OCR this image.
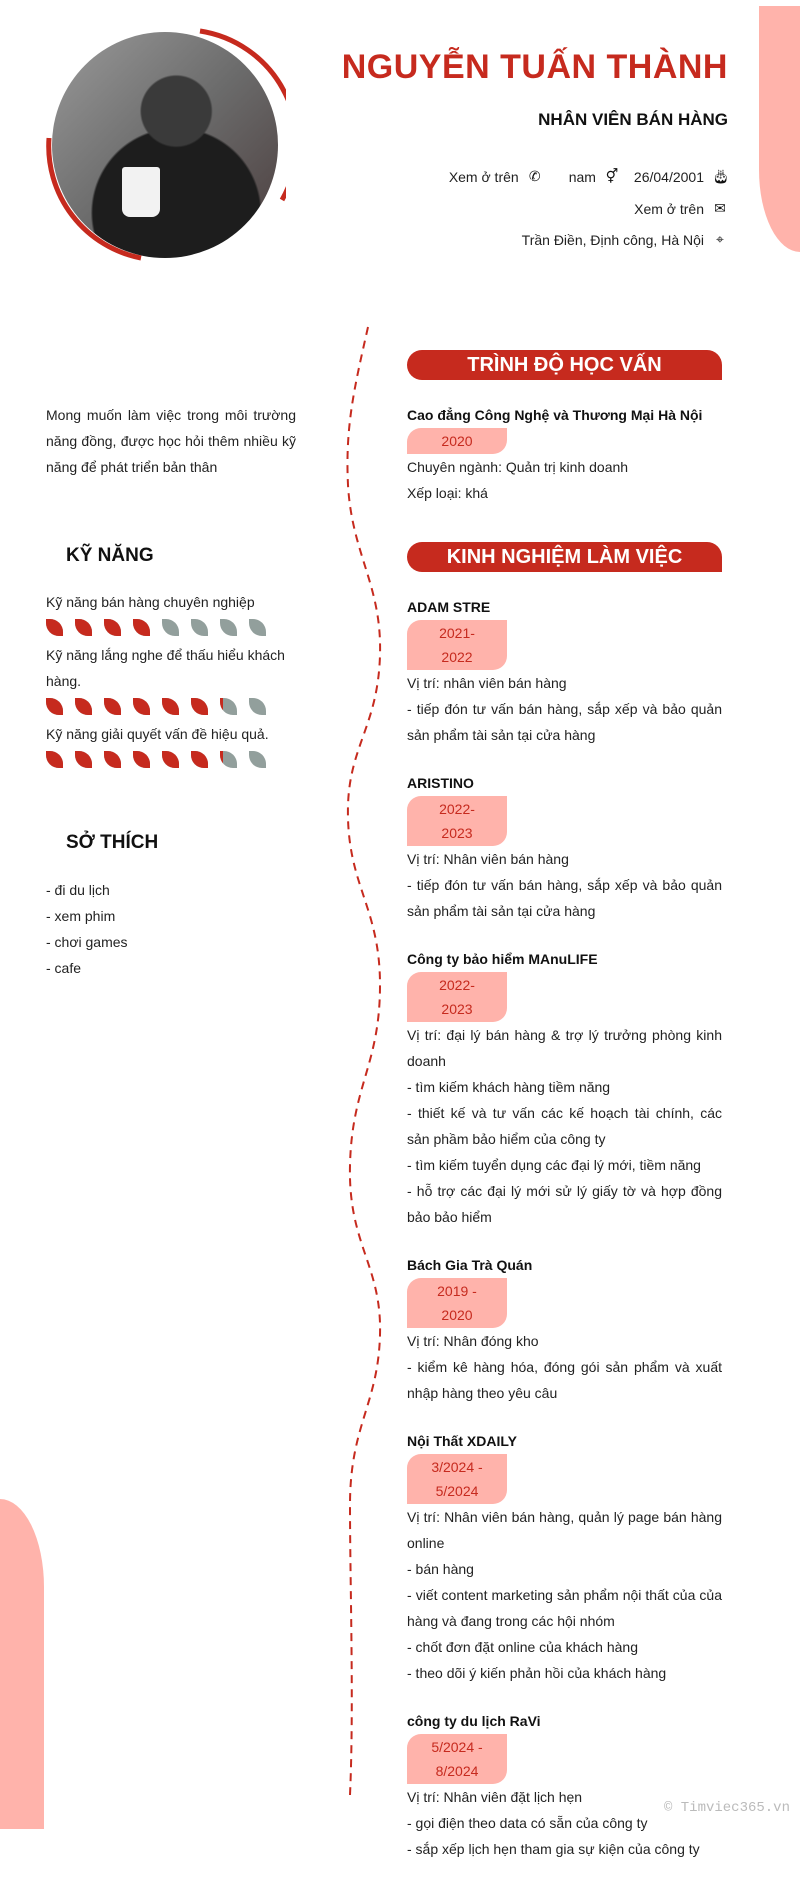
NGUYỄN TUẤN THÀNH
NHÂN VIÊN BÁN HÀNG
Xem ở trên ✆ nam ⚥ 26/04/2001 🎂︎
Xem ở trên ✉
Trần Điền, Định công, Hà Nội ⌖
Mong muốn làm việc trong môi trường năng đồng, được học hỏi thêm nhiều kỹ năng để phát triển bản thân
KỸ NĂNG
Kỹ năng bán hàng chuyên nghiệp
Kỹ năng lắng nghe để thấu hiểu khách hàng.
Kỹ năng giải quyết vấn đề hiệu quả.
SỞ THÍCH
- đi du lịch
- xem phim
- chơi games
- cafe
TRÌNH ĐỘ HỌC VẤN
Cao đẳng Công Nghệ và Thương Mại Hà Nội
2020
Chuyên ngành: Quản trị kinh doanh
Xếp loại: khá
KINH NGHIỆM LÀM VIỆC
ADAM STRE
2021-2022
Vị trí: nhân viên bán hàng
- tiếp đón tư vấn bán hàng, sắp xếp và bảo quản sản phẩm tài sản tại cửa hàng
ARISTINO
2022-2023
Vị trí: Nhân viên bán hàng
- tiếp đón tư vấn bán hàng, sắp xếp và bảo quản sản phẩm tài sản tại cửa hàng
Công ty bảo hiểm MAnuLIFE
2022-2023
Vị trí: đại lý bán hàng & trợ lý trưởng phòng kinh doanh
- tìm kiếm khách hàng tiềm năng
- thiết kế và tư vấn các kế hoạch tài chính, các sản phầm bảo hiểm của công ty
- tìm kiếm tuyển dụng các đại lý mới, tiềm năng
- hỗ trợ các đại lý mới sử lý giấy tờ và hợp đồng bảo bảo hiểm
Bách Gia Trà Quán
2019 - 2020
Vị trí: Nhân đóng kho
- kiểm kê hàng hóa, đóng gói sản phẩm và xuất nhập hàng theo yêu câu
Nội Thất XDAILY
3/2024 - 5/2024
Vị trí: Nhân viên bán hàng, quản lý page bán hàng online
- bán hàng
- viết content marketing sản phẩm nội thất của của hàng và đang trong các hội nhóm
- chốt đơn đặt online của khách hàng
- theo dõi ý kiến phản hồi của khách hàng
công ty du lịch RaVi
5/2024 - 8/2024
Vị trí: Nhân viên đặt lịch hẹn
- gọi điện theo data có sẵn của công ty
- sắp xếp lịch hẹn tham gia sự kiện của công ty
© Timviec365.vn
